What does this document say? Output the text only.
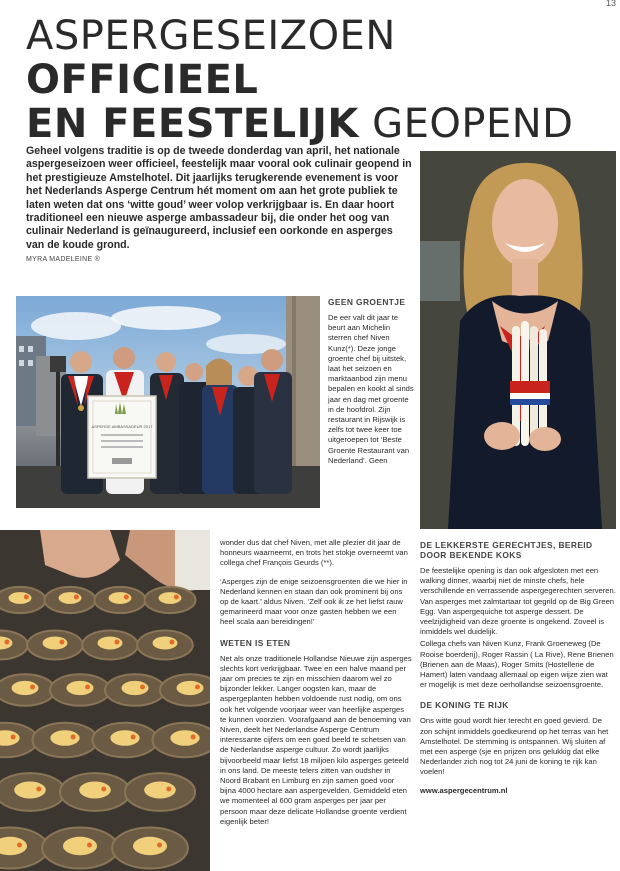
13
ASPERGESEIZOEN OFFICIEEL
EN FEESTELIJK GEOPEND

Geheel volgens traditie is op de tweede donderdag van april, het nationale aspergeseizoen weer officieel, feestelijk maar vooral ook culinair geopend in het prestigieuze Amstelhotel. Dit jaarlijks terugkerende evenement is voor het Nederlands Asperge Centrum hét moment om aan het grote publiek te laten weten dat ons ‘witte goud’ weer volop verkrijgbaar is. En daar hoort traditioneel een nieuwe asperge ambassadeur bij, die onder het oog van culinair Nederland is geïnaugureerd, inclusief een oorkonde en asperges van de koude grond.

MYRA MADELEINE ®
ASPERGE AMBASSADEUR 2017

GEEN GROENTJE

De eer valt dit jaar te beurt aan Michelin sterren chef Niven Kunz(*). Deze jonge groente chef bij uitstek, laat het seizoen en marktaanbod zijn menu bepalen en kookt al sinds jaar en dag met groente in de hoofdrol. Zijn restaurant in Rijswijk is zelfs tot twee keer toe uitgeroepen tot ‘Beste Groente Restaurant van Nederland’. Geen

wonder dus dat chef Niven, met alle plezier dit jaar de honneurs waarneemt, en trots het stokje overneemt van collega chef François Geurds (**).

‘Asperges zijn de enige seizoensgroenten die we hier in Nederland kennen en staan dan ook prominent bij ons op de kaart.’ aldus Niven. ‘Zelf ook ik ze het liefst rauw gemarineerd maar voor onze gasten hebben we een heel scala aan bereidingen!’

WETEN IS ETEN

Net als onze traditionele Hollandse Nieuwe zijn asperges slechts kort verkrijgbaar. Twee en een halve maand per jaar om precies te zijn en misschien daarom wel zo bijzonder lekker. Langer oogsten kan, maar de aspergeplanten hebben voldoende rust nodig, om ons ook het volgende voorjaar weer van heerlijke asperges te kunnen voorzien. Voorafgaand aan de benoeming van Niven, deelt het Nederlandse Asperge Centrum interessante cijfers om een goed beeld te schetsen van de Nederlandse asperge cultuur. Zo wordt jaarlijks bijvoorbeeld maar liefst 18 miljoen kilo asperges geteeld in ons land. De meeste telers zitten van oudsher in Noord Brabant en Limburg en zijn samen goed voor bijna 4000 hectare aan aspergevelden. Gemiddeld eten we momenteel al 600 gram asperges per jaar per persoon maar deze delicate Hollandse groente verdient eigenlijk beter!

DE LEKKERSTE GERECHTJES, BEREID DOOR BEKENDE KOKS

De feestelijke opening is dan ook afgesloten met een walking dinner, waarbij niet de minste chefs, hele verschillende en verrassende aspergegerechten serveren. Van asperges met zalmtartaar tot gegrild op de Big Green Egg. Van aspergequiche tot asperge dessert. De veelzijdigheid van deze groente is ongekend. Zoveel is inmiddels wel duidelijk.

Collega chefs van Niven Kunz, Frank Groeneweg (De Rooise boerderij), Roger Rassin ( La Rive), Rene Brienen (Brienen aan de Maas), Roger Smits (Hostellerie de Hamert) laten vandaag allemaal op eigen wijze zien wat er mogelijk is met deze oerhollandse seizoensgroente.

DE KONING TE RIJK

Ons witte goud wordt hier terecht en goed gevierd. De zon schijnt inmiddels goedkeurend op het terras van het Amstelhotel. De stemming is ontspannen. Wij sluiten af met een asperge (sje en prijzen ons gelukkig dat elke Nederlander zich nog tot 24 juni de koning te rijk kan voelen!

www.aspergecentrum.nl
